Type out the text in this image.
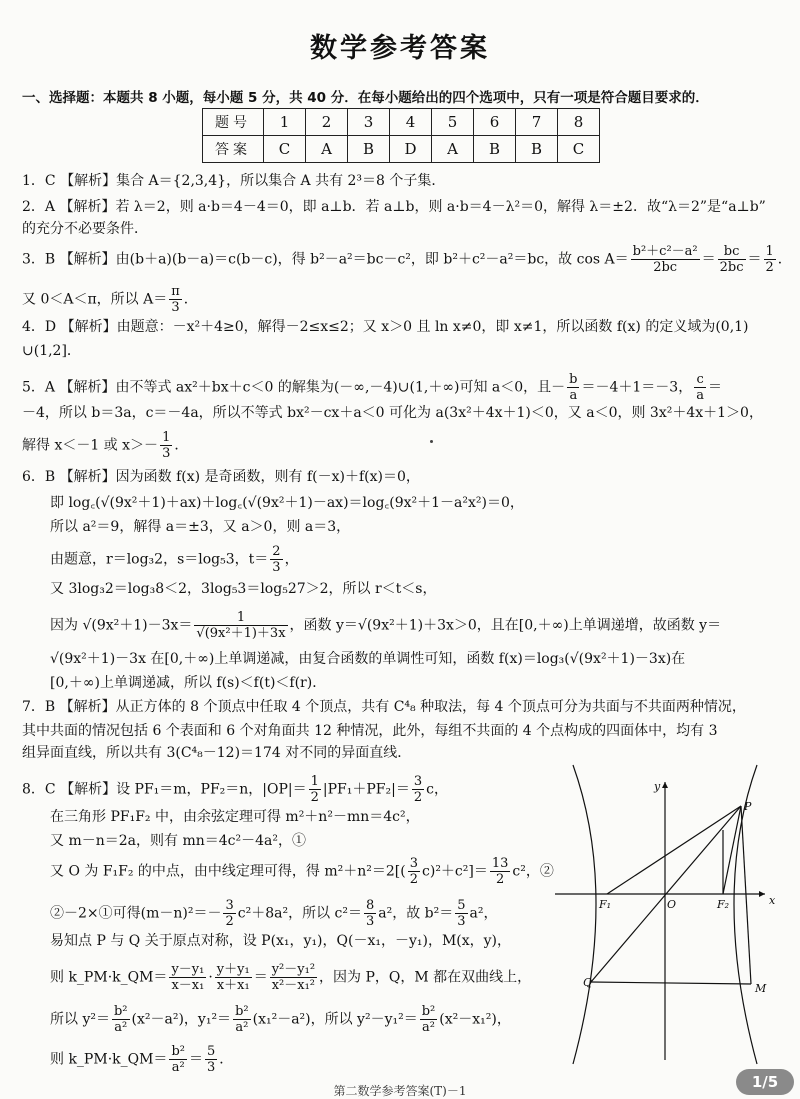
数学参考答案
一、选择题：本题共 8 小题，每小题 5 分，共 40 分．在每小题给出的四个选项中，只有一项是符合题目要求的．
题号	1	2	3	4	5	6	7	8
答案	C	A	B	D	A	B	B	C
1．C 【解析】集合 A＝{2,3,4}，所以集合 A 共有 2³＝8 个子集．
2．A 【解析】若 λ＝2，则 a·b＝4－4＝0，即 a⊥b．若 a⊥b，则 a·b＝4－λ²＝0，解得 λ＝±2．故“λ＝2”是“a⊥b”
的充分不必要条件．
3．B 【解析】由(b＋a)(b－a)＝c(b－c)，得 b²－a²＝bc－c²，即 b²＋c²－a²＝bc，故 $\cos A= \frac{\text{b²＋c²－a²}}{2bc} = \frac{bc}{2bc} = \frac{1}{2}$ ．
又 0＜A＜π，所以 $A= \frac{\pi}{3}$ ．
4．D 【解析】由题意：－x²＋4≥0，解得－2≤x≤2；又 x＞0 且 ln x≠0，即 x≠1，所以函数 f(x) 的定义域为(0,1)
∪(1,2]．
5．A 【解析】由不等式 ax²＋bx＋c＜0 的解集为(－∞,－4)∪(1,＋∞)可知 a＜0，且－ $\frac{b}{a} =-4+1=-3$， $\frac{c}{a}$ ＝
－4，所以 b＝3a，c＝－4a，所以不等式 bx²－cx＋a＜0 可化为 a(3x²＋4x＋1)＜0，又 a＜0，则 3x²＋4x＋1＞0，
解得 x＜－1 或 $x>- \frac{1}{3}$ ．
6．B 【解析】因为函数 f(x) 是奇函数，则有 f(－x)＋f(x)＝0，
即 log꜀(√(9x²＋1)＋ax)＋log꜀(√(9x²＋1)－ax)＝log꜀(9x²＋1－a²x²)＝0，
所以 a²＝9，解得 a＝±3，又 a＞0，则 a＝3，
由题意，r＝log₃2，s＝log₅3，$t= \frac{2}{3}$ ，
又 3log₃2＝log₃8＜2，3log₅3＝log₅27＞2，所以 r＜t＜s，
因为 $√(9x^2+1)-3x= \frac{1}{\text{√(9x²＋1)＋3x}}$ ，函数 y＝√(9x²＋1)＋3x＞0，且在[0,＋∞)上单调递增，故函数 y＝
√(9x²＋1)－3x 在[0,＋∞)上单调递减，由复合函数的单调性可知，函数 f(x)＝log₃(√(9x²＋1)－3x)在
[0,＋∞)上单调递减，所以 f(s)＜f(t)＜f(r)．
7．B 【解析】从正方体的 8 个顶点中任取 4 个顶点，共有 C⁴₈ 种取法，每 4 个顶点可分为共面与不共面两种情况，
其中共面的情况包括 6 个表面和 6 个对角面共 12 种情况，此外，每组不共面的 4 个点构成的四面体中，均有 3
组异面直线，所以共有 3(C⁴₈－12)＝174 对不同的异面直线．
8．C 【解析】设 PF₁＝m，PF₂＝n，$|OP|= \frac{1}{2} |PF_1+PF_2|= \frac{3}{2}$ c，
在三角形 PF₁F₂ 中，由余弦定理可得 m²＋n²－mn＝4c²，
又 m－n＝2a，则有 mn＝4c²－4a²，①
又 O 为 F₁F₂ 的中点，由中线定理可得，得 $m^2+n^2=2[( \frac{3}{2} c)^2+c^2]= \frac{13}{2} c^2$，②
②－2×①可得$(m-n)^2=- \frac{3}{2} c^2+8a^2$，所以 $c^2= \frac{8}{3} a^2$，故 $b^2= \frac{5}{3} a^2$，
易知点 P 与 Q 关于原点对称，设 P(x₁，y₁)，Q(－x₁，－y₁)，M(x，y)，
则 k_PM·k_QM＝ $\frac{\text{y－y₁}}{\text{x－x₁}} \cdot \frac{\text{y＋y₁}}{\text{x＋x₁}} = \frac{\text{y²－y₁²}}{\text{x²－x₁²}}$ ，因为 P，Q，M 都在双曲线上，
所以 $y^2= \frac{\text{b²}}{\text{a²}} (x^2-a^2)$，$y_1^2= \frac{\text{b²}}{\text{a²}} (x_1^2-a^2)$，所以 $y^2-y_1^2= \frac{\text{b²}}{\text{a²}} (x^2-x_1^2)$，
则 k_PM·k_QM＝ $\frac{\text{b²}}{\text{a²}} = \frac{5}{3}$ ．
y
x
O
F₁	F₂
P
Q	M
第二数学参考答案(T)－1	1/5
